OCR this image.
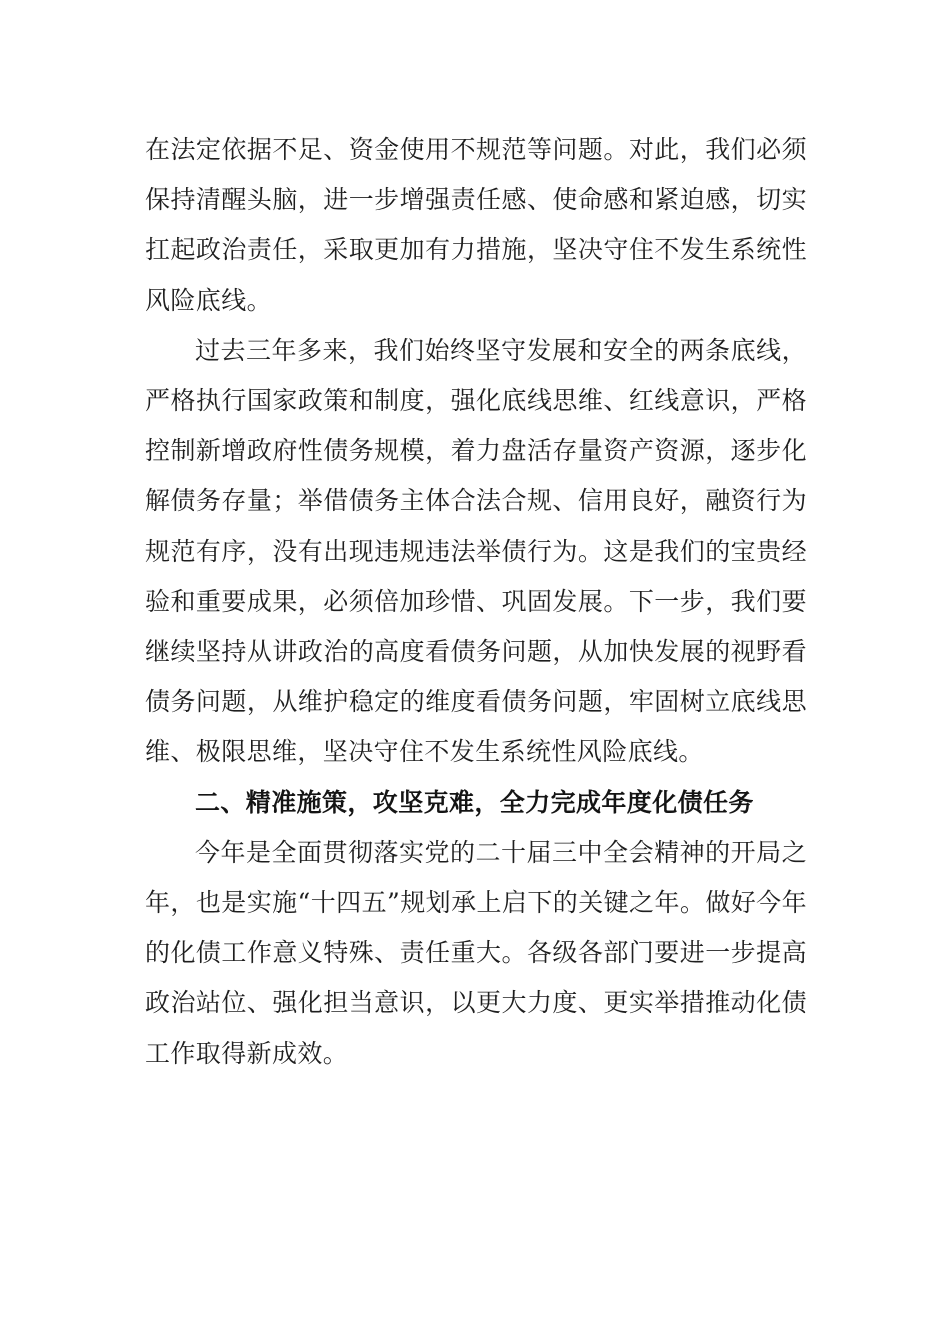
在法定依据不足、资金使用不规范等问题。对此，我们必须保持清醒头脑，进一步增强责任感、使命感和紧迫感，切实扛起政治责任，采取更加有力措施，坚决守住不发生系统性风险底线。

过去三年多来，我们始终坚守发展和安全的两条底线，严格执行国家政策和制度，强化底线思维、红线意识，严格控制新增政府性债务规模，着力盘活存量资产资源，逐步化解债务存量；举借债务主体合法合规、信用良好，融资行为规范有序，没有出现违规违法举债行为。这是我们的宝贵经验和重要成果，必须倍加珍惜、巩固发展。下一步，我们要继续坚持从讲政治的高度看债务问题，从加快发展的视野看债务问题，从维护稳定的维度看债务问题，牢固树立底线思维、极限思维，坚决守住不发生系统性风险底线。

二、精准施策，攻坚克难，全力完成年度化债任务

今年是全面贯彻落实党的二十届三中全会精神的开局之年，也是实施“十四五”规划承上启下的关键之年。做好今年的化债工作意义特殊、责任重大。各级各部门要进一步提高政治站位、强化担当意识，以更大力度、更实举措推动化债工作取得新成效。
